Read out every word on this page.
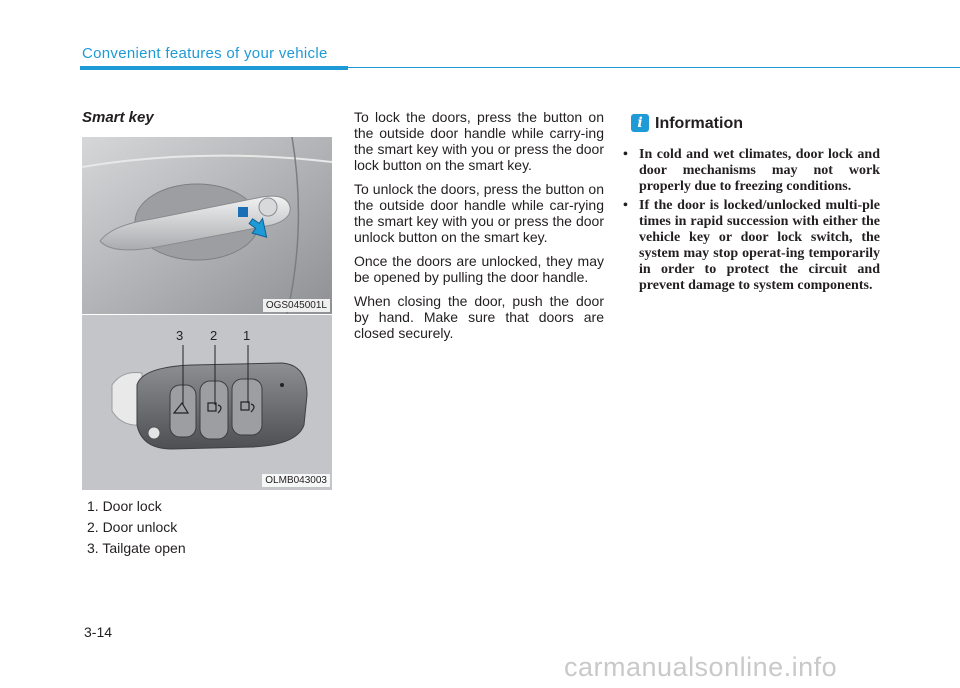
Convenient features of your vehicle
Smart key
OGS045001L
3 2 1
OLMB043003
1. Door lock
2. Door unlock
3. Tailgate open

To lock the doors, press the button on the outside door handle while carry-ing the smart key with you or press the door lock button on the smart key.

To unlock the doors, press the button on the outside door handle while car-rying the smart key with you or press the door unlock button on the smart key.

Once the doors are unlocked, they may be opened by pulling the door handle.

When closing the door, push the door by hand. Make sure that doors are closed securely.

i Information
• In cold and wet climates, door lock and door mechanisms may not work properly due to freezing conditions.
• If the door is locked/unlocked multi-ple times in rapid succession with either the vehicle key or door lock switch, the system may stop operat-ing temporarily in order to protect the circuit and prevent damage to system components.
3-14
carmanualsonline.info
